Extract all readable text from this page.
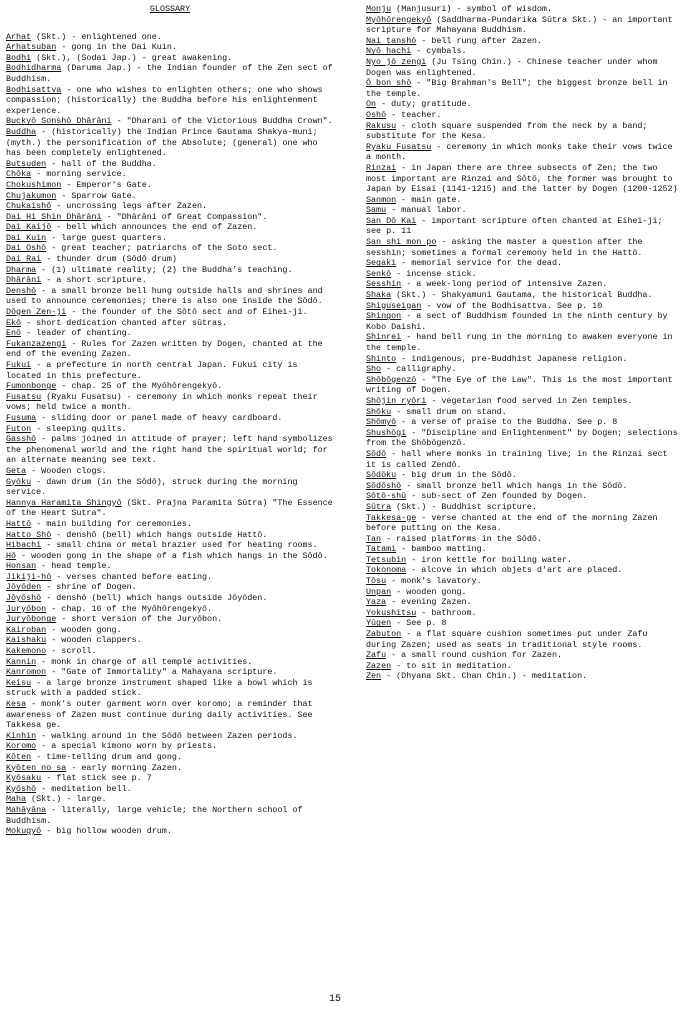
GLOSSARY

Arhat (Skt.) - enlightened one.

Arhatsuban - gong in the Dai Kuin.

Bodhi (Skt.), (Sodai Jap.) - great awakening.

Bodhidharma (Daruma Jap.) - the Indian founder of the Zen sect of Buddhism.

Bodhisattva - one who wishes to enlighten others; one who shows compassion; (historically) the Buddha before his enlightenment experience.

Buckyō Sonshō Dhārāni - "Dharani of the Victorious Buddha Crown".

Buddha - (historically) the Indian Prince Gautama Shakya-muni; (myth.) the personification of the Absolute; (general) one who has been completely enlightened.

Butsuden - hall of the Buddha.

Chōka - morning service.

Chokushimon - Emperor's Gate.

Chujakumon - Sparrow Gate.

Chukaishō - uncrossing legs after Zazen.

Dai Hi Shin Dhārāni - "Dhārāni of Great Compassion".

Dai Kaijō - bell which announces the end of Zazen.

Dai Kuin - large guest quarters.

Dai Oshō - great teacher; patriarchs of the Soto sect.

Dai Rai - thunder drum (Sōdō drum)

Dharma - (1) ultimate reality; (2) the Buddha's teaching.

Dhārāni - a short scripture.

Denshō - a small bronze bell hung outside halls and shrines and used to announce ceremonies; there is also one inside the Sōdō.

Dōgen Zen-ji - the founder of the Sōtō sect and of Eihei-ji.

Ekō - short dedication chanted after sūtras.

Enō - leader of chanting.

Fukanzazengi - Rules for Zazen written by Dogen, chanted at the end of the evening Zazen.

Fukui - a prefecture in north central Japan. Fukui city is located in this prefecture.

Fumonbonge - chap. 25 of the Myōhōrengekyō.

Fusatsu (Ryaku Fusatsu) - ceremony in which monks repeat their vows; held twice a month.

Fusuma - sliding door or panel made of heavy cardboard.

Futon - sleeping quilts.

Gasshō - palms joined in attitude of prayer; left hand symbolizes the phenomenal world and the right hand the spiritual world; for an alternate meaning see text.

Geta - Wooden clogs.

Gyōku - dawn drum (in the Sōdō), struck during the morning service.

Hannya Haramita Shingyō (Skt. Prajna Paramita Sūtra) "The Essence of the Heart Sutra".

Hattō - main building for ceremonies.

Hatto Shō - denshō (bell) which hangs outside Hattō.

Hibachi - small china or metal brazier used for heating rooms.

Hō - wooden gong in the shape of a fish which hangs in the Sōdō.

Honsan - head temple.

Jikiji-hō - verses chanted before eating.

Jōyōden - shrine of Dogen.

Jōyōshō - denshō (bell) which hangs outside Jōyōden.

Juryōbon - chap. 16 of the Myōhōrengekyō.

Juryōbonge - short version of the Juryōbon.

Kairoban - wooden gong.

Kaishaku - wooden clappers.

Kakemono - scroll.

Kannin - monk in charge of all temple activities.

Kanromon - "Gate of Immortality" a Mahayana scripture.

Keisu - a large bronze instrument shaped like a bowl which is struck with a padded stick.

Kesa - monk's outer garment worn over koromo; a reminder that awareness of Zazen must continue during daily activities. See Takkesa ge.

Kinhin - walking around in the Sōdō between Zazen periods.

Koromo - a special kimono worn by priests.

Kōten - time-telling drum and gong.

Kyōten no sa - early morning Zazen.

Kyōsaku - flat stick see p. 7

Kyōshō - meditation bell.

Maha (Skt.) - large.

Mahāyāna - literally, large vehicle; the Northern school of Buddhism.

Mokugyō - big hollow wooden drum.

Monju (Manjusuri) - symbol of wisdom.

Myōhōrengekyō (Saddharma-Pundarika Sūtra Skt.) - an important scripture for Mahayana Buddhism.

Nai tanshō - bell rung after Zazen.

Nyō hachi - cymbals.

Nyo jō zengi (Ju Tsing Chin.) - Chinese teacher under whom Dogen was enlightened.

Ō bon shō - "Big Brahman's Bell"; the biggest bronze bell in the temple.

On - duty; gratitude.

Oshō - teacher.

Rakusu - cloth square suspended from the neck by a band; substitute for the Kesa.

Ryaku Fusatsu - ceremony in which monks take their vows twice a month.

Rinzai - in Japan there are three subsects of Zen; the two most important are Rinzai and Sōtō, the former was brought to Japan by Eisai (1141-1215) and the latter by Dogen (1200-1252)

Sanmon - main gate.

Samu - manual labor.

San Dō Kai - important scripture often chanted at Eihei-ji; see p. 11

San shi mon po - asking the master a question after the sesshin; sometimes a formal ceremony held in the Hattō.

Segaki - memorial service for the dead.

Senkō - incense stick.

Sesshin - a week-long period of intensive Zazen.

Shaka (Skt.) - Shakyamuni Gautama, the historical Buddha.

Shiguseigan - vow of the Bodhisattva. See p. 10

Shingon - a sect of Buddhism founded in the ninth century by Kobo Daishi.

Shinrei - hand bell rung in the morning to awaken everyone in the temple.

Shinto - indigenous, pre-Buddhist Japanese religion.

Sho - calligraphy.

Shōbōgenzō - "The Eye of the Law". This is the most important writing of Dogen.

Shōjin ryōri - vegetarian food served in Zen temples.

Shōku - small drum on stand.

Shōmyō - a verse of praise to the Buddha. See p. 8

Shushōgi - "Discipline and Enlightenment" by Dogen; selections from the Shōbōgenzō.

Sōdō - hall where monks in training live; in the Rinzai sect it is called Zendō.

Sōdōku - big drum in the Sōdō.

Sōdōshō - small bronze bell which hangs in the Sōdō.

Sōtō-shū - sub-sect of Zen founded by Dogen.

Sūtra (Skt.) - Buddhist scripture.

Takkesa-ge - verse chanted at the end of the morning Zazen before putting on the Kesa.

Tan - raised platforms in the Sōdō.

Tatami - bamboo matting.

Tetsubin - iron kettle for boiling water.

Tokonoma - alcove in which objets d'art are placed.

Tōsu - monk's lavatory.

Unpan - wooden gong.

Yaza - evening Zazen.

Yokushitsu - bathroom.

Yūgen - See p. 8

Zabuton - a flat square cushion sometimes put under Zafu during Zazen; used as seats in traditional style rooms.

Zafu - a small round cushion for Zazen.

Zazen - to sit in meditation.

Zen - (Dhyana Skt. Chan Chin.) - meditation.

15
